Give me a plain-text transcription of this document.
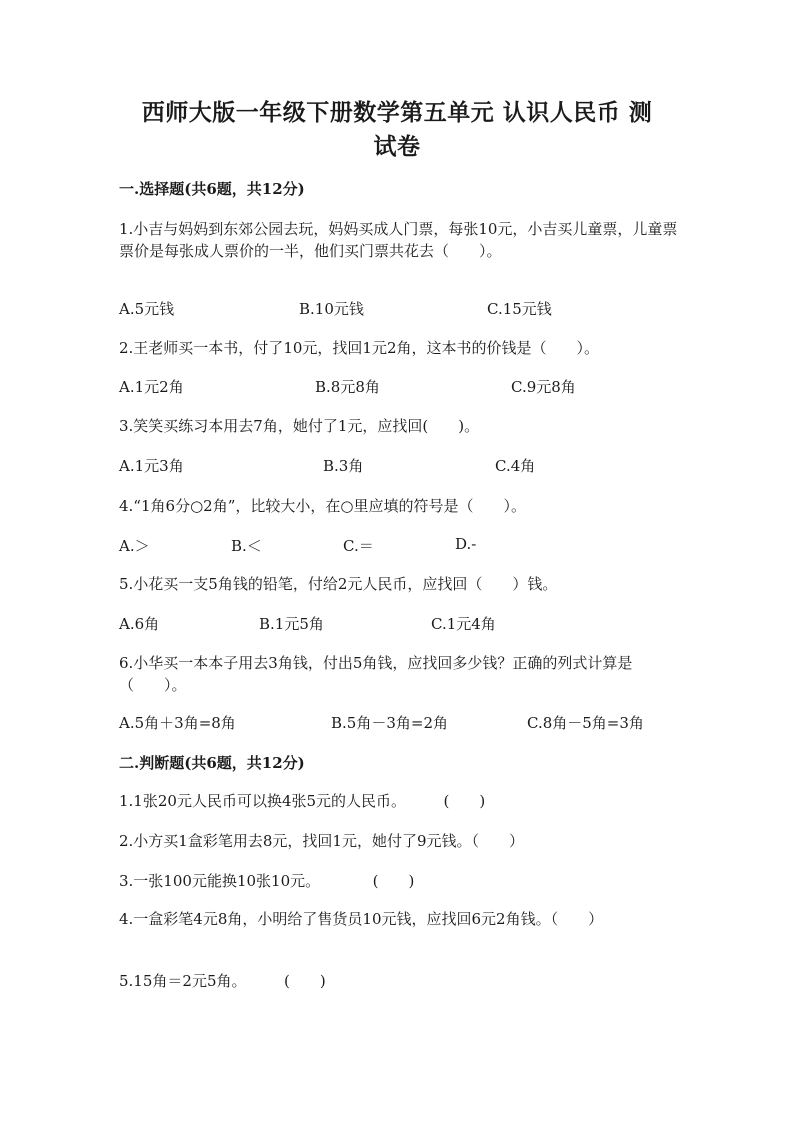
西师大版一年级下册数学第五单元 认识人民币 测
试卷
一.选择题(共6题，共12分)
1.小吉与妈妈到东郊公园去玩，妈妈买成人门票，每张10元，小吉买儿童票，儿童票票价是每张成人票价的一半，他们买门票共花去（　　）。
A.5元钱	B.10元钱	C.15元钱
2.王老师买一本书，付了10元，找回1元2角，这本书的价钱是（　　）。
A.1元2角	B.8元8角	C.9元8角
3.笑笑买练习本用去7角，她付了1元，应找回(　　)。
A.1元3角	B.3角	C.4角
4.“1角6分○2角”，比较大小，在○里应填的符号是（　　）。
A.＞	B.＜	C.＝	D.-
5.小花买一支5角钱的铅笔，付给2元人民币，应找回（　　）钱。
A.6角	B.1元5角	C.1元4角
6.小华买一本本子用去3角钱，付出5角钱，应找回多少钱？正确的列式计算是（　　）。
A.5角＋3角=8角	B.5角－3角=2角	C.8角－5角=3角
二.判断题(共6题，共12分)
1.1张20元人民币可以换4张5元的人民币。　　　(　　)
2.小方买1盒彩笔用去8元，找回1元，她付了9元钱。（　　）
3.一张100元能换10张10元。　　　　(　　)
4.一盒彩笔4元8角，小明给了售货员10元钱，应找回6元2角钱。（　　）
5.15角＝2元5角。　　　(　　)
